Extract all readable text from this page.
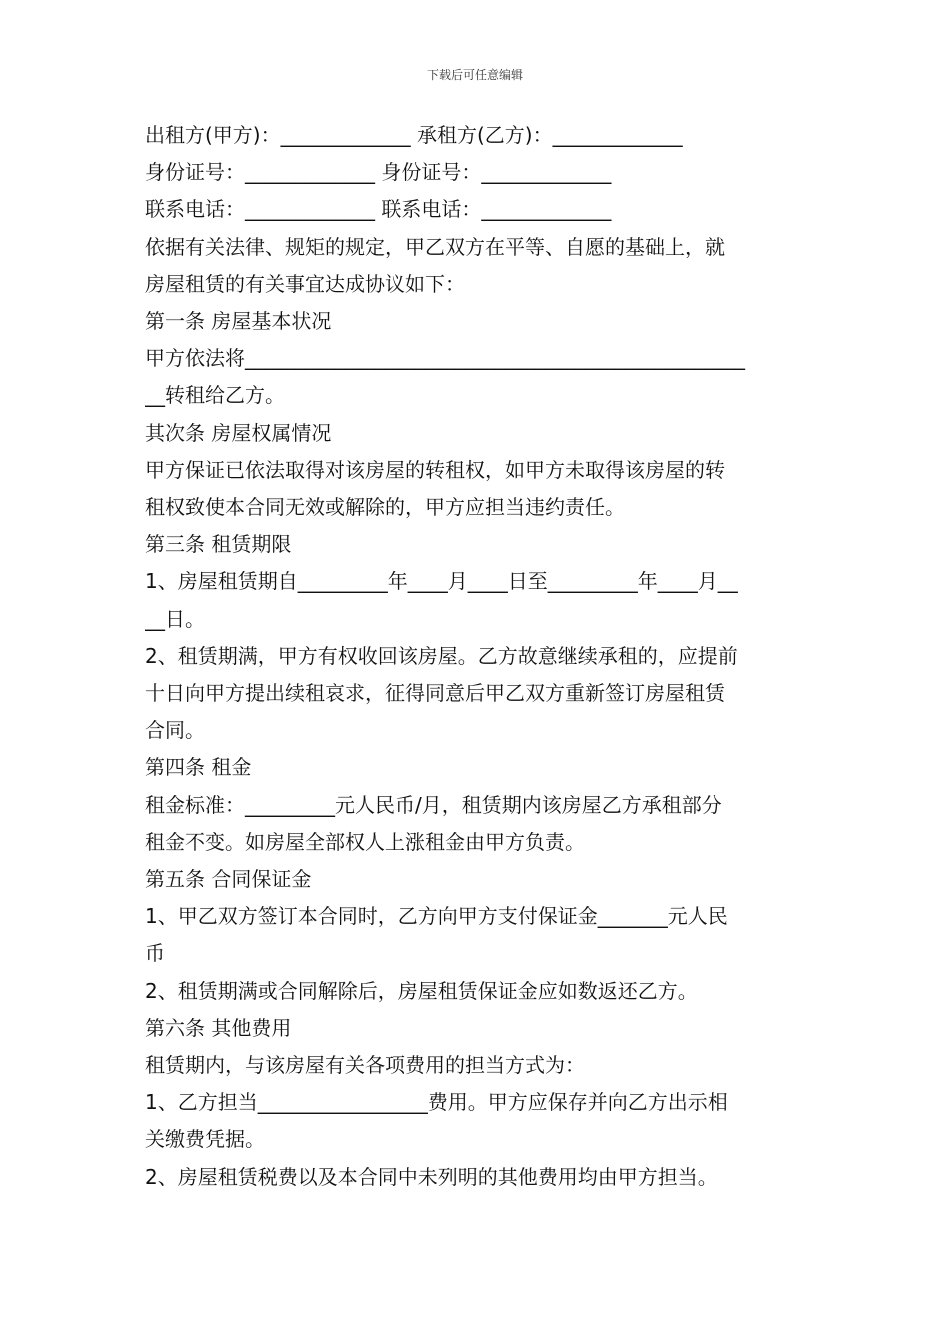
下载后可任意编辑
出租方(甲方)：_____________ 承租方(乙方)：_____________
身份证号：_____________ 身份证号：_____________
联系电话：_____________ 联系电话：_____________
依据有关法律、规矩的规定，甲乙双方在平等、自愿的基础上，就
房屋租赁的有关事宜达成协议如下：
第一条 房屋基本状况
甲方依法将__________________________________________________
__转租给乙方。
其次条 房屋权属情况
甲方保证已依法取得对该房屋的转租权，如甲方未取得该房屋的转
租权致使本合同无效或解除的，甲方应担当违约责任。
第三条 租赁期限
1、房屋租赁期自_________年____月____日至_________年____月__
__日。
2、租赁期满，甲方有权收回该房屋。乙方故意继续承租的，应提前
十日向甲方提出续租哀求，征得同意后甲乙双方重新签订房屋租赁
合同。
第四条 租金
租金标准：_________元人民币/月，租赁期内该房屋乙方承租部分
租金不变。如房屋全部权人上涨租金由甲方负责。
第五条 合同保证金
1、甲乙双方签订本合同时，乙方向甲方支付保证金_______元人民
币
2、租赁期满或合同解除后，房屋租赁保证金应如数返还乙方。
第六条 其他费用
租赁期内，与该房屋有关各项费用的担当方式为：
1、乙方担当_________________费用。甲方应保存并向乙方出示相
关缴费凭据。
2、房屋租赁税费以及本合同中未列明的其他费用均由甲方担当。
